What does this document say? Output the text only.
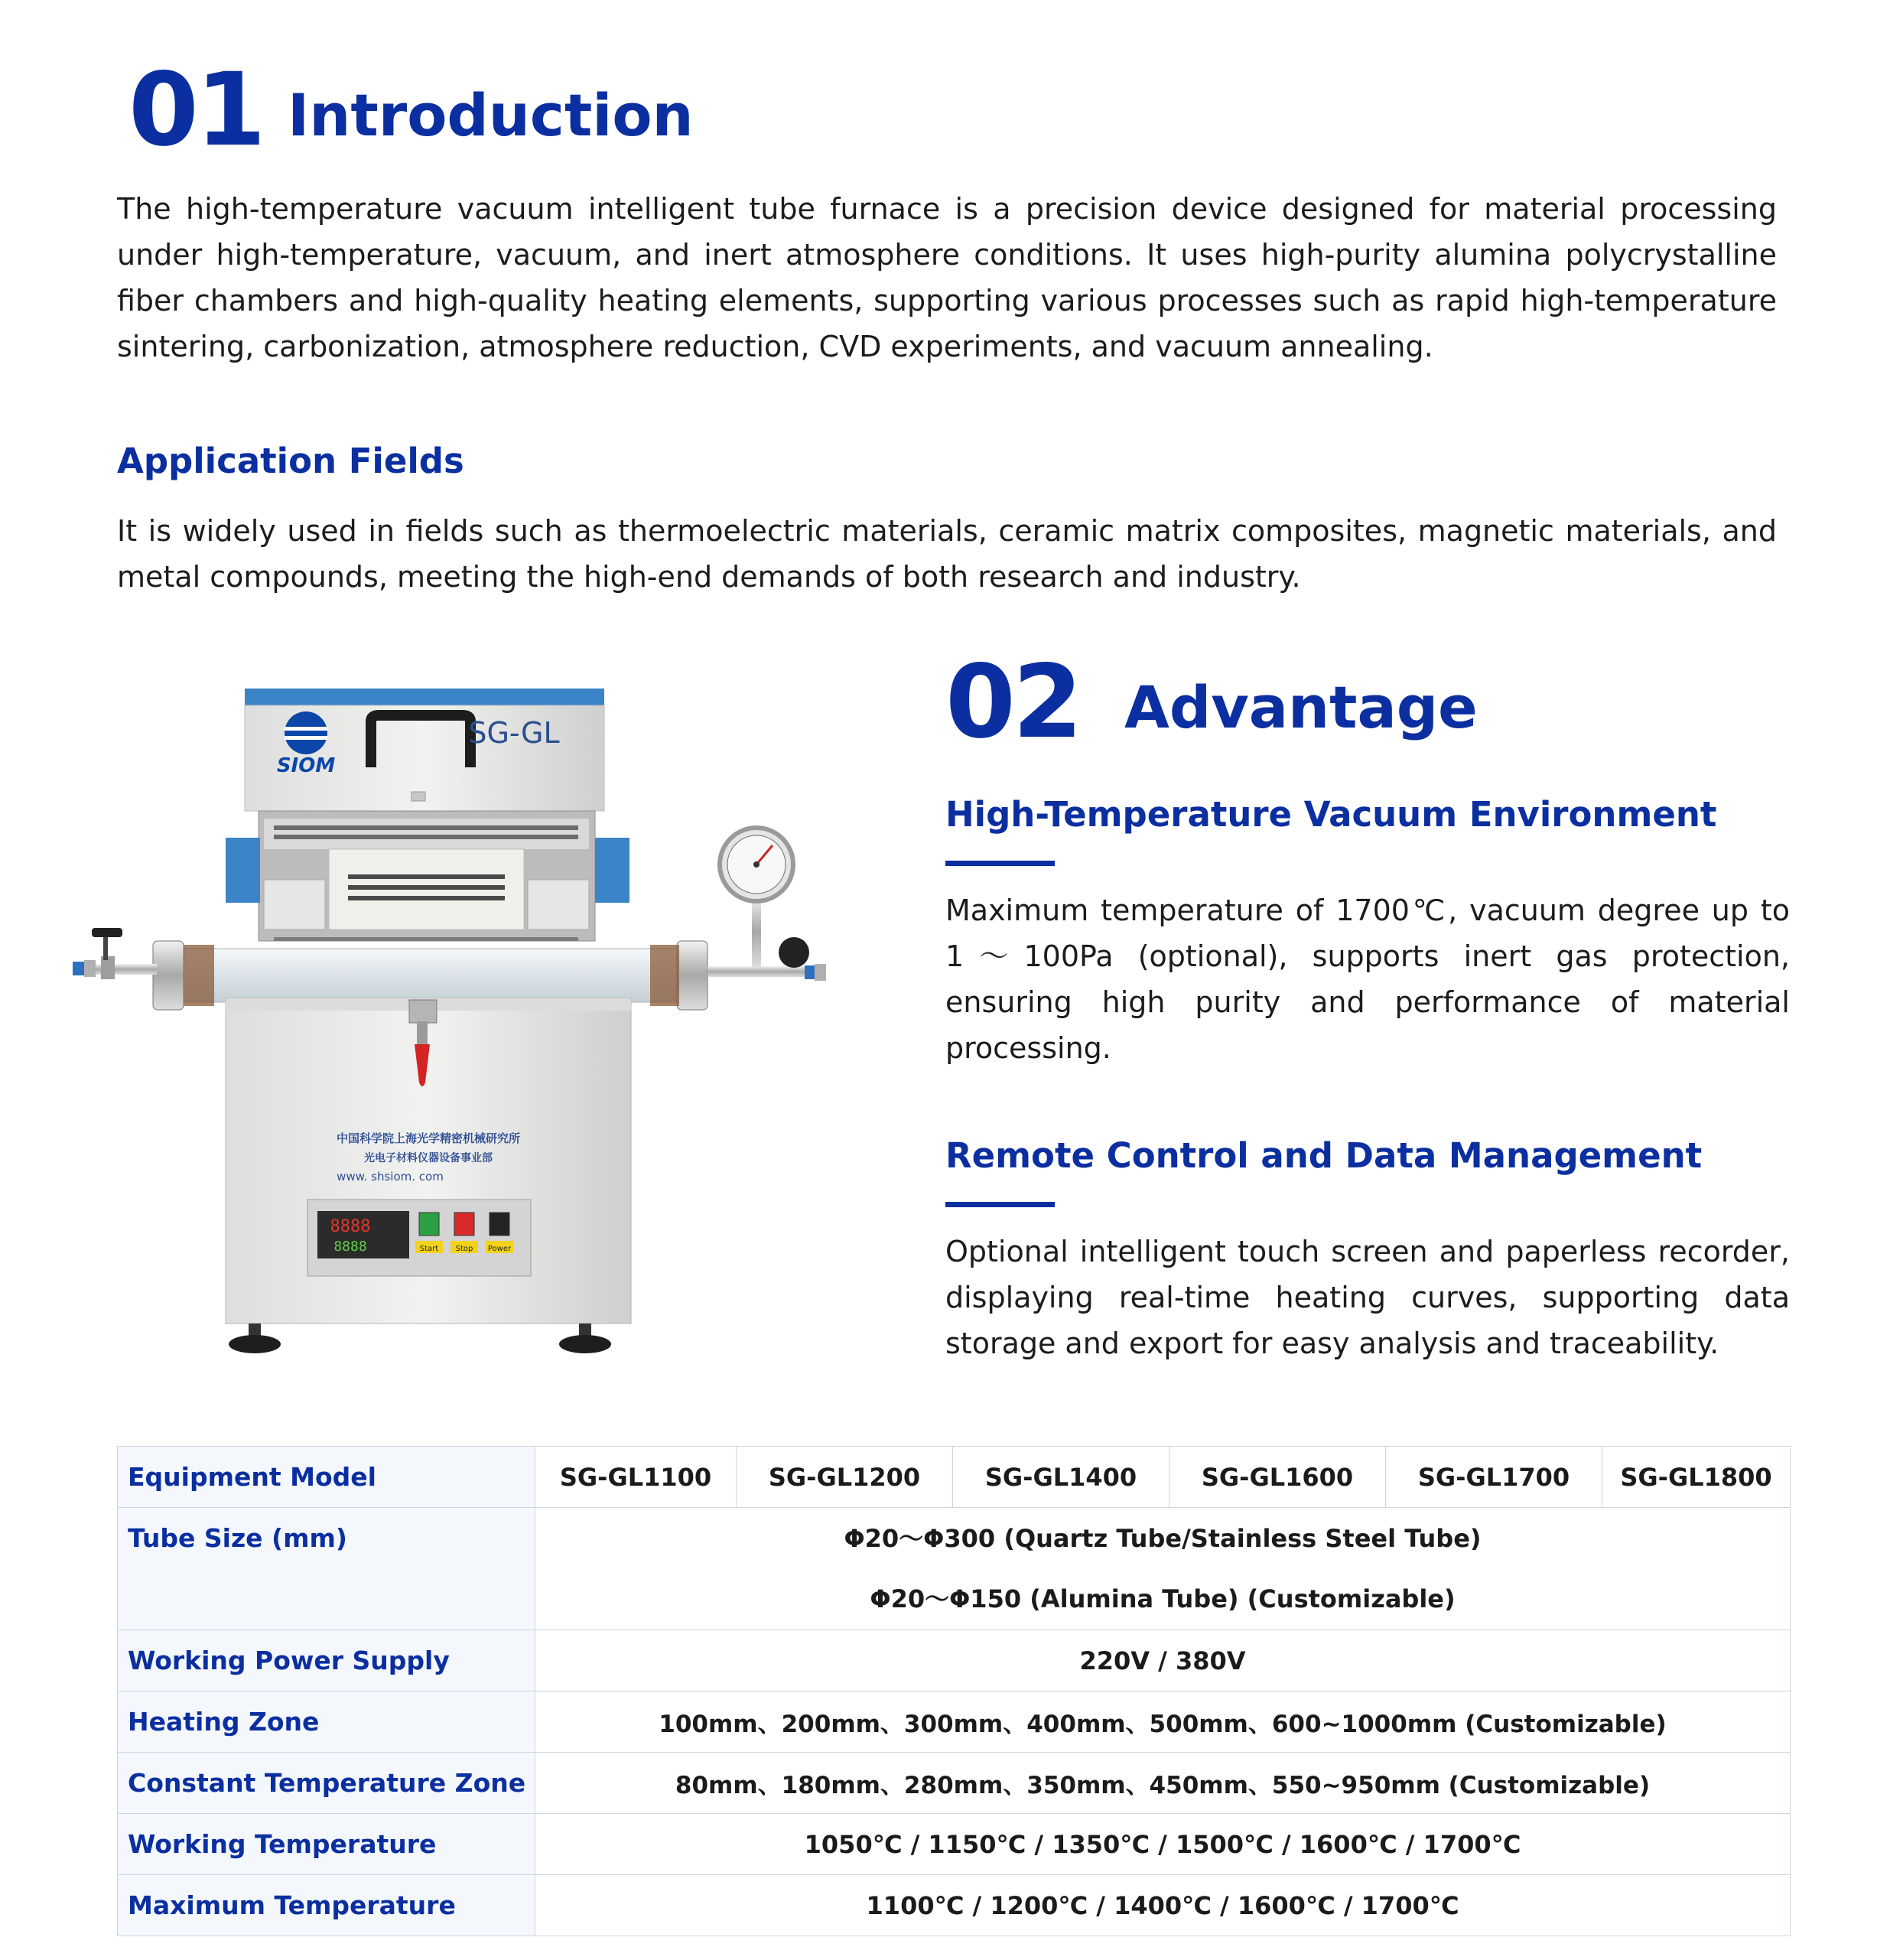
01 Introduction
The high-temperature vacuum intelligent tube furnace is a precision device designed for material processing under high-temperature, vacuum, and inert atmosphere conditions. It uses high-purity alumina polycrystalline fiber chambers and high-quality heating elements, supporting various processes such as rapid high-temperature sintering, carbonization, atmosphere reduction, CVD experiments, and vacuum annealing.
Application Fields
It is widely used in fields such as thermoelectric materials, ceramic matrix composites, magnetic materials, and metal compounds, meeting the high-end demands of both research and industry.
SIOM
SG-GL
中国科学院上海光学精密机械研究所
光电子材料仪器设备事业部
www. shsiom. com
8888
8888	Start Stop Power
02 Advantage
High-Temperature Vacuum Environment
Maximum temperature of 1700℃, vacuum degree up to 1～100Pa (optional), supports inert gas protection, ensuring high purity and performance of material processing.
Remote Control and Data Management
Optional intelligent touch screen and paperless recorder, displaying real-time heating curves, supporting data storage and export for easy analysis and traceability.
Equipment Model	SG-GL1100	SG-GL1200	SG-GL1400	SG-GL1600	SG-GL1700	SG-GL1800
Tube Size (mm)	Φ20～Φ300 (Quartz Tube/Stainless Steel Tube)
Φ20～Φ150 (Alumina Tube) (Customizable)					

Working Power Supply	220V / 380V					
Heating Zone	100mm、200mm、300mm、400mm、500mm、600~1000mm (Customizable)					
Constant Temperature Zone	80mm、180mm、280mm、350mm、450mm、550~950mm (Customizable)					
Working Temperature	1050℃ / 1150℃ / 1350℃ / 1500℃ / 1600℃ / 1700℃					
Maximum Temperature	1100℃ / 1200℃ / 1400℃ / 1600℃ / 1700℃					
